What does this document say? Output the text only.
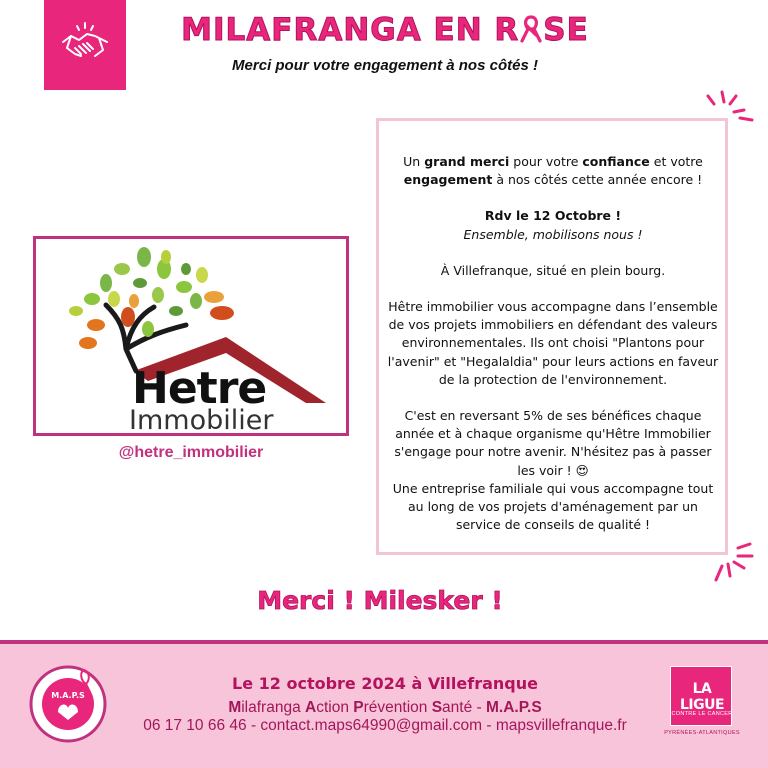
MILAFRANGA EN R SE
Merci pour votre engagement à nos côtés !
Hetre
Immobilier
@hetre_immobilier

Un grand merci pour votre confiance et votre engagement à nos côtés cette année encore !

Rdv le 12 Octobre !
Ensemble, mobilisons nous !

À Villefranque, situé en plein bourg.

Hêtre immobilier vous accompagne dans l’ensemble de vos projets immobiliers en défendant des valeurs environnementales. Ils ont choisi "Plantons pour l'avenir" et "Hegalaldia" pour leurs actions en faveur de la protection de l'environnement.

C'est en reversant 5% de ses bénéfices chaque année et à chaque organisme qu'Hêtre Immobilier s'engage pour notre avenir. N'hésitez pas à passer les voir ! 😍

Une entreprise familiale qui vous accompagne tout au long de vos projets d'aménagement par un service de conseils de qualité !

Merci ! Milesker !
M.A.P.S
Le 12 octobre 2024 à Villefranque
Milafranga Action Prévention Santé - M.A.P.S
06 17 10 66 46 - contact.maps64990@gmail.com - mapsvillefranque.fr
LA LIGUE
CONTRE LE CANCER
PYRÉNÉES-ATLANTIQUES
